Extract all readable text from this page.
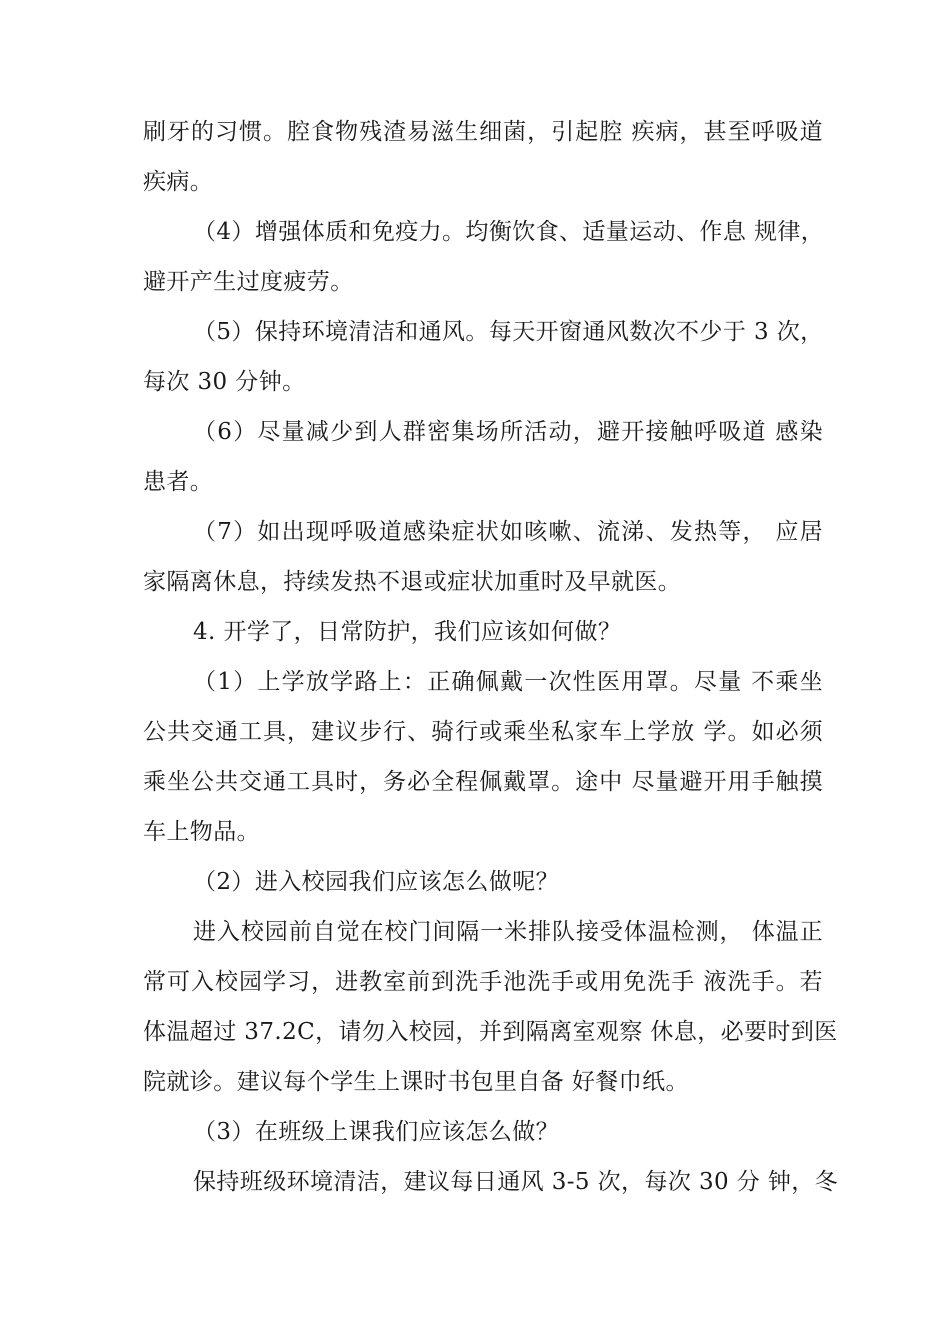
刷牙的习惯。腔食物残渣易滋生细菌，引起腔 疾病，甚至呼吸道
疾病。
（4）增强体质和免疫力。均衡饮食、适量运动、作息 规律，
避开产生过度疲劳。
（5）保持环境清洁和通风。每天开窗通风数次不少于 3 次，
每次 30 分钟。
（6）尽量减少到人群密集场所活动，避开接触呼吸道 感染
患者。
（7）如出现呼吸道感染症状如咳嗽、流涕、发热等， 应居
家隔离休息，持续发热不退或症状加重时及早就医。
4. 开学了，日常防护，我们应该如何做？
（1）上学放学路上：正确佩戴一次性医用罩。尽量 不乘坐
公共交通工具，建议步行、骑行或乘坐私家车上学放 学。如必须
乘坐公共交通工具时，务必全程佩戴罩。途中 尽量避开用手触摸
车上物品。
（2）进入校园我们应该怎么做呢？
进入校园前自觉在校门间隔一米排队接受体温检测， 体温正
常可入校园学习，进教室前到洗手池洗手或用免洗手 液洗手。若
体温超过 37.2C，请勿入校园，并到隔离室观察 休息，必要时到医
院就诊。建议每个学生上课时书包里自备 好餐巾纸。
（3）在班级上课我们应该怎么做？
保持班级环境清洁，建议每日通风 3-5 次，每次 30 分 钟，冬
